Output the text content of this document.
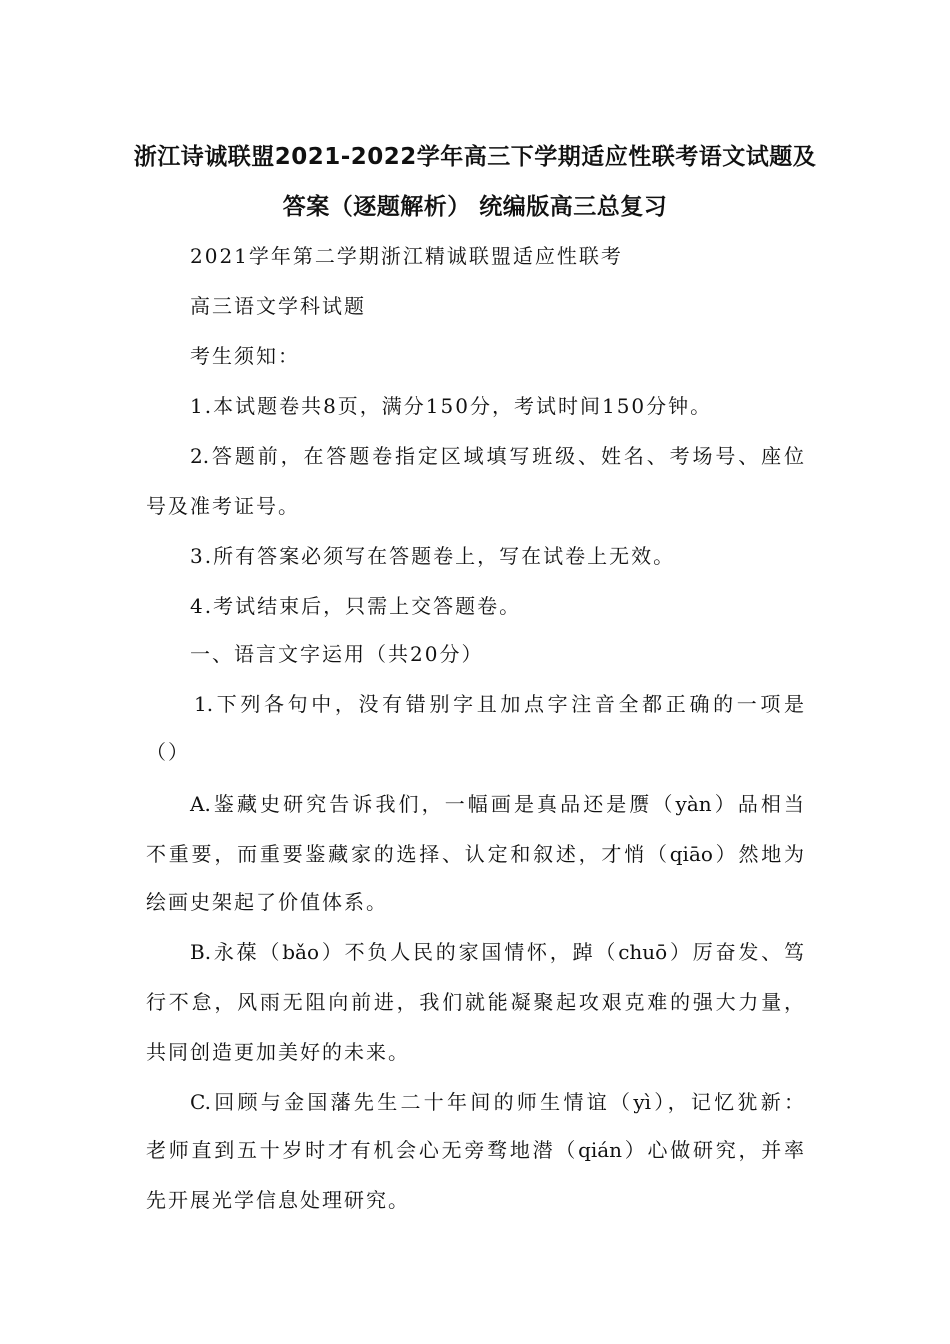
浙江诗诚联盟2021-2022学年高三下学期适应性联考语文试题及
答案（逐题解析） 统编版高三总复习
2021学年第二学期浙江精诚联盟适应性联考
高三语文学科试题
考生须知：
1.本试题卷共8页，满分150分，考试时间150分钟。
2.答题前，在答题卷指定区域填写班级、姓名、考场号、座位
号及准考证号。
3.所有答案必须写在答题卷上，写在试卷上无效。
4.考试结束后，只需上交答题卷。
一、语言文字运用（共20分）
1.下列各句中，没有错别字且加点字注音全都正确的一项是
（）
A.鉴藏史研究告诉我们，一幅画是真品还是赝（yàn）品相当
不重要，而重要鉴藏家的选择、认定和叙述，才悄（qiāo）然地为
绘画史架起了价值体系。
B.永葆（bǎo）不负人民的家国情怀，踔（chuō）厉奋发、笃
行不怠，风雨无阻向前进，我们就能凝聚起攻艰克难的强大力量，
共同创造更加美好的未来。
C.回顾与金国藩先生二十年间的师生情谊（yì），记忆犹新：
老师直到五十岁时才有机会心无旁骛地潜（qián）心做研究，并率
先开展光学信息处理研究。
